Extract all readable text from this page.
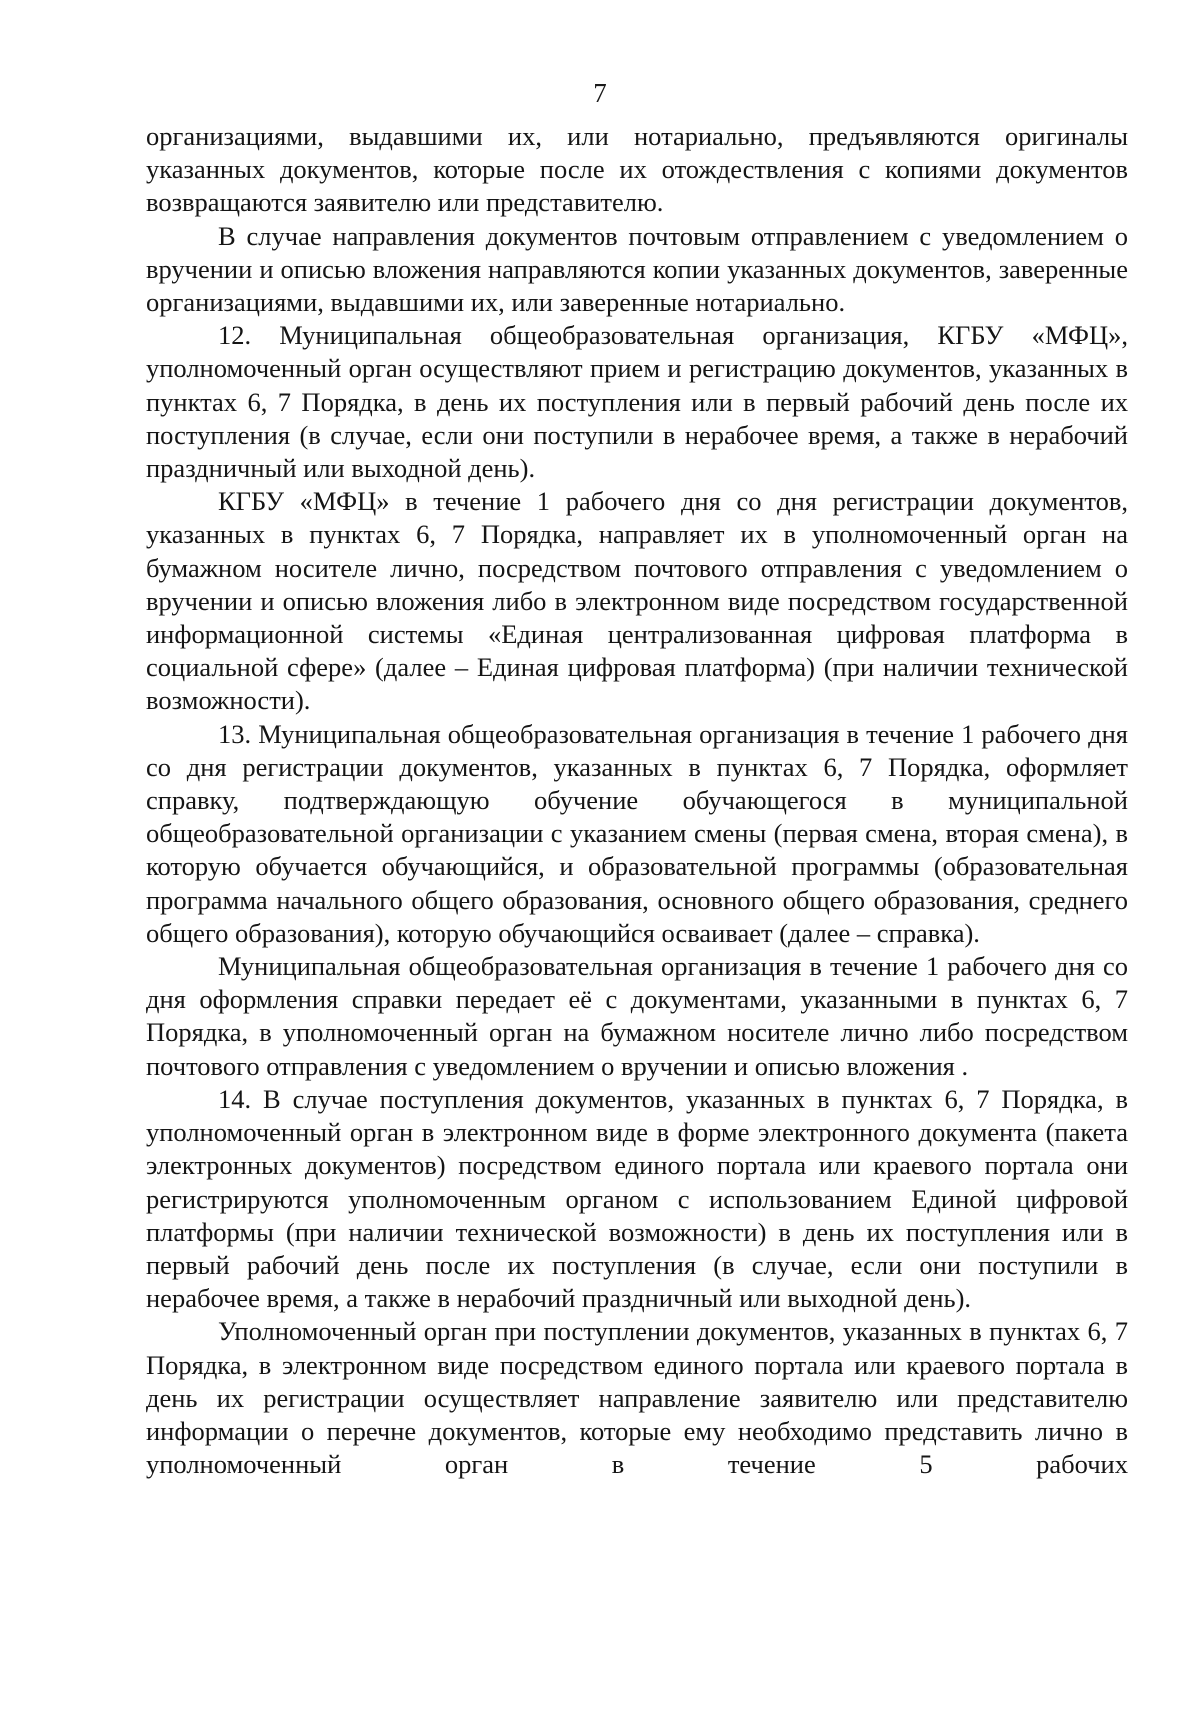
7

организациями, выдавшими их, или нотариально, предъявляются оригиналы указанных документов, которые после их отождествления с копиями документов возвращаются заявителю или представителю.

В случае направления документов почтовым отправлением с уведомлением о вручении и описью вложения направляются копии указанных документов, заверенные организациями, выдавшими их, или заверенные нотариально.

12. Муниципальная общеобразовательная организация, КГБУ «МФЦ», уполномоченный орган осуществляют прием и регистрацию документов, указанных в пунктах 6, 7 Порядка, в день их поступления или в первый рабочий день после их поступления (в случае, если они поступили в нерабочее время, а также в нерабочий праздничный или выходной день).

КГБУ «МФЦ» в течение 1 рабочего дня со дня регистрации документов, указанных в пунктах 6, 7 Порядка, направляет их в уполномоченный орган на бумажном носителе лично, посредством почтового отправления с уведомлением о вручении и описью вложения либо в электронном виде посредством государственной информационной системы «Единая централизованная цифровая платформа в социальной сфере» (далее – Единая цифровая платформа) (при наличии технической возможности).

13. Муниципальная общеобразовательная организация в течение 1 рабочего дня со дня регистрации документов, указанных в пунктах 6, 7 Порядка, оформляет справку, подтверждающую обучение обучающегося в муниципальной общеобразовательной организации с указанием смены (первая смена, вторая смена), в которую обучается обучающийся, и образовательной программы (образовательная программа начального общего образования, основного общего образования, среднего общего образования), которую обучающийся осваивает (далее – справка).

Муниципальная общеобразовательная организация в течение 1 рабочего дня со дня оформления справки передает её с документами, указанными в пунктах 6, 7 Порядка, в уполномоченный орган на бумажном носителе лично либо посредством почтового отправления с уведомлением о вручении и описью вложения .

14. В случае поступления документов, указанных в пунктах 6, 7 Порядка, в уполномоченный орган в электронном виде в форме электронного документа (пакета электронных документов) посредством единого портала или краевого портала они регистрируются уполномоченным органом с использованием Единой цифровой платформы (при наличии технической возможности) в день их поступления или в первый рабочий день после их поступления (в случае, если они поступили в нерабочее время, а также в нерабочий праздничный или выходной день).

Уполномоченный орган при поступлении документов, указанных в пунктах 6, 7 Порядка, в электронном виде посредством единого портала или краевого портала в день их регистрации осуществляет направление заявителю или представителю информации о перечне документов, которые ему необходимо представить лично в уполномоченный орган в течение 5 рабочих
